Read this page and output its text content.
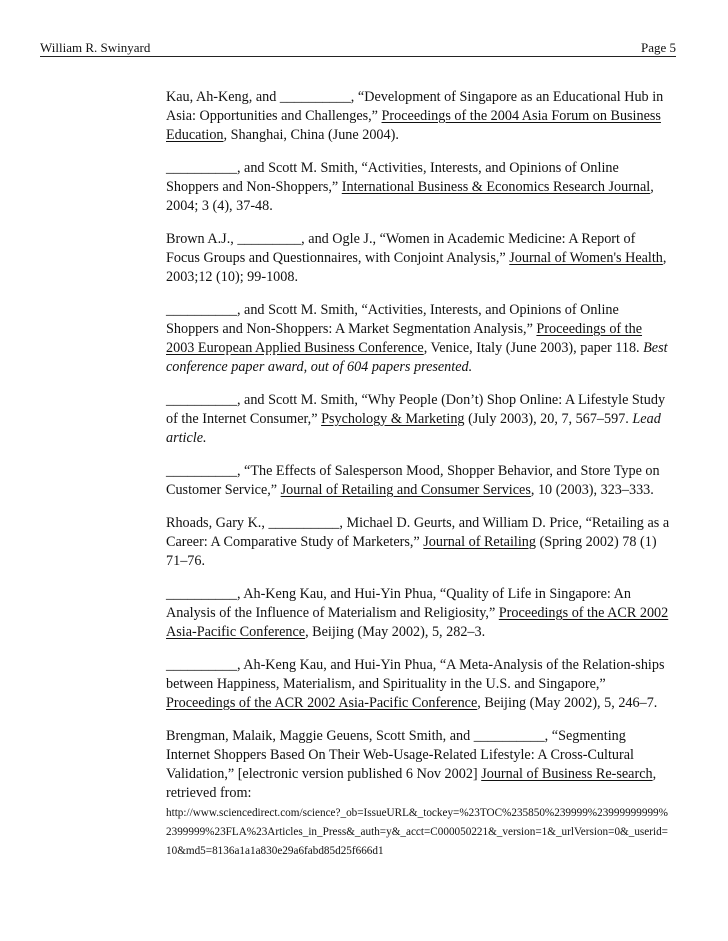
William R. Swinyard	Page 5

Kau, Ah-Keng, and __________, “Development of Singapore as an Educational Hub in Asia: Opportunities and Challenges,” Proceedings of the 2004 Asia Forum on Business Education, Shanghai, China (June 2004).

__________, and Scott M. Smith, “Activities, Interests, and Opinions of Online Shoppers and Non-Shoppers,” International Business & Economics Research Journal, 2004; 3 (4), 37-48.

Brown A.J., _________, and Ogle J., “Women in Academic Medicine: A Report of Focus Groups and Questionnaires, with Conjoint Analysis,” Journal of Women's Health, 2003;12 (10); 99-1008.

__________, and Scott M. Smith, “Activities, Interests, and Opinions of Online Shoppers and Non-Shoppers: A Market Segmentation Analysis,” Proceedings of the 2003 European Applied Business Conference, Venice, Italy (June 2003), paper 118. Best conference paper award, out of 604 papers presented.

__________, and Scott M. Smith, “Why People (Don’t) Shop Online: A Lifestyle Study of the Internet Consumer,” Psychology & Marketing (July 2003), 20, 7, 567–597. Lead article.

__________, “The Effects of Salesperson Mood, Shopper Behavior, and Store Type on Customer Service,” Journal of Retailing and Consumer Services, 10 (2003), 323–333.

Rhoads, Gary K., __________, Michael D. Geurts, and William D. Price, “Retailing as a Career: A Comparative Study of Marketers,” Journal of Retailing (Spring 2002) 78 (1) 71–76.

__________, Ah-Keng Kau, and Hui-Yin Phua, “Quality of Life in Singapore: An Analysis of the Influence of Materialism and Religiosity,” Proceedings of the ACR 2002 Asia-Pacific Conference, Beijing (May 2002), 5, 282–3.

__________, Ah-Keng Kau, and Hui-Yin Phua, “A Meta-Analysis of the Relation-ships between Happiness, Materialism, and Spirituality in the U.S. and Singapore,” Proceedings of the ACR 2002 Asia-Pacific Conference, Beijing (May 2002), 5, 246–7.

Brengman, Malaik, Maggie Geuens, Scott Smith, and __________, “Segmenting Internet Shoppers Based On Their Web-Usage-Related Lifestyle: A Cross-Cultural Validation,” [electronic version published 6 Nov 2002] Journal of Business Re-search, retrieved from:
http://www.sciencedirect.com/science?_ob=IssueURL&_tockey=%23TOC%235850%239999%23999999999%2399999%23FLA%23Articles_in_Press&_auth=y&_acct=C000050221&_version=1&_urlVersion=0&_userid=10&md5=8136a1a1a830e29a6fabd85d25f666d1
